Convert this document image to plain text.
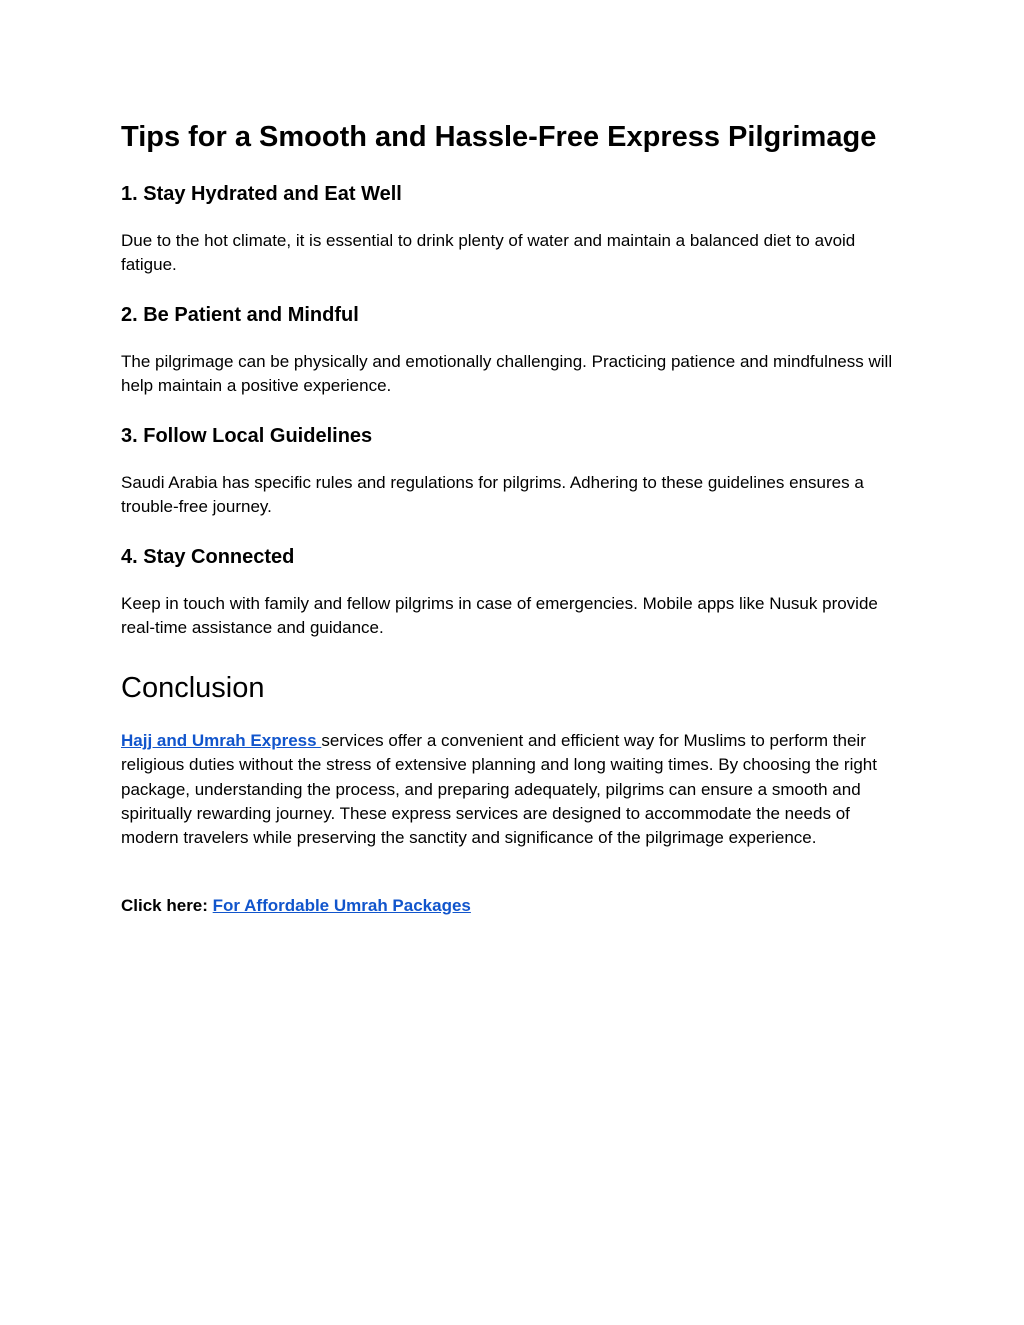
Tips for a Smooth and Hassle-Free Express Pilgrimage
1. Stay Hydrated and Eat Well

Due to the hot climate, it is essential to drink plenty of water and maintain a balanced diet to avoid fatigue.

2. Be Patient and Mindful

The pilgrimage can be physically and emotionally challenging. Practicing patience and mindfulness will help maintain a positive experience.

3. Follow Local Guidelines

Saudi Arabia has specific rules and regulations for pilgrims. Adhering to these guidelines ensures a trouble-free journey.

4. Stay Connected

Keep in touch with family and fellow pilgrims in case of emergencies. Mobile apps like Nusuk provide real-time assistance and guidance.

Conclusion

Hajj and Umrah Express services offer a convenient and efficient way for Muslims to perform their religious duties without the stress of extensive planning and long waiting times. By choosing the right package, understanding the process, and preparing adequately, pilgrims can ensure a smooth and spiritually rewarding journey. These express services are designed to accommodate the needs of modern travelers while preserving the sanctity and significance of the pilgrimage experience.

Click here: For Affordable Umrah Packages
